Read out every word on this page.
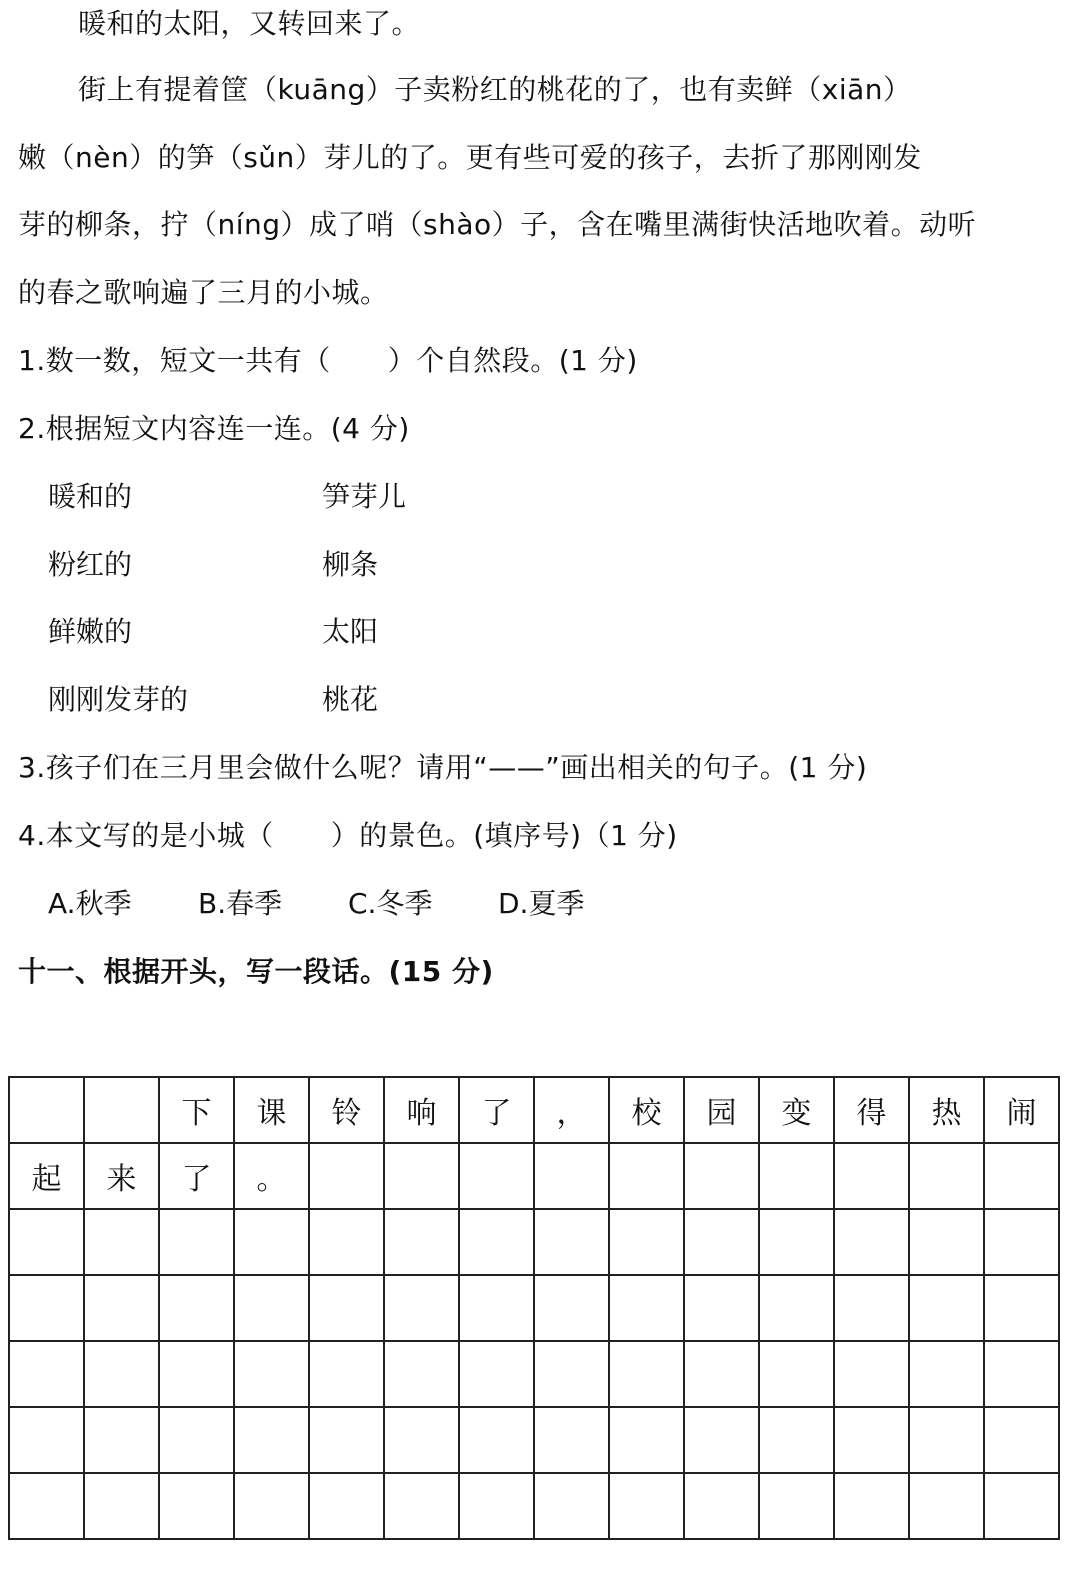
暖和的太阳，又转回来了。
街上有提着筐（kuāng）子卖粉红的桃花的了，也有卖鲜（xiān）
嫩（nèn）的笋（sǔn）芽儿的了。更有些可爱的孩子，去折了那刚刚发
芽的柳条，拧（níng）成了哨（shào）子，含在嘴里满街快活地吹着。动听
的春之歌响遍了三月的小城。
1.数一数，短文一共有（　　）个自然段。(1 分)
2.根据短文内容连一连。(4 分)
暖和的	笋芽儿
粉红的	柳条
鲜嫩的	太阳
刚刚发芽的	桃花
3.孩子们在三月里会做什么呢？请用“——”画出相关的句子。(1 分)
4.本文写的是小城（　　）的景色。(填序号)（1 分)
A.秋季 B.春季 C.冬季 D.夏季
十一、根据开头，写一段话。(15 分)
		下	课	铃	响	了	，	校	园	变	得	热	闹
起	来	了	。										
